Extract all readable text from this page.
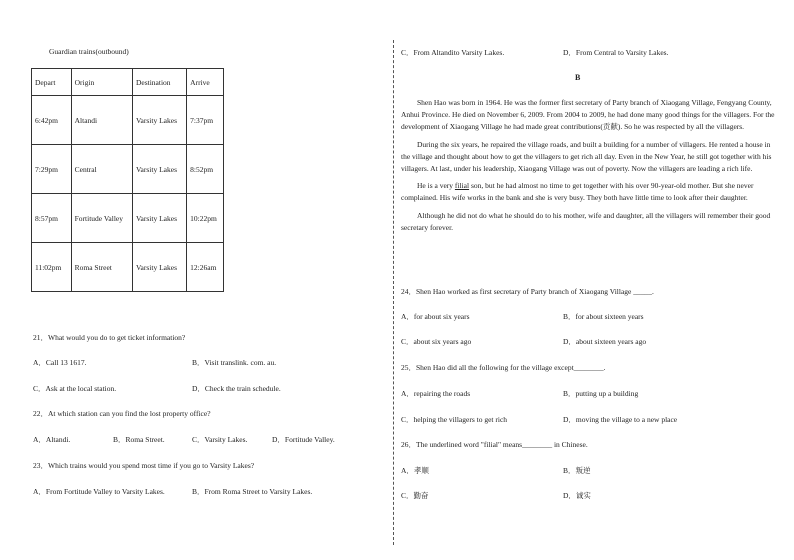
Guardian trains(outbound)
Depart	Origin	Destination	Arrive
6:42pm	Altandi	Varsity Lakes	7:37pm
7:29pm	Central	Varsity Lakes	8:52pm
8:57pm	Fortitude Valley	Varsity Lakes	10:22pm
11:02pm	Roma Street	Varsity Lakes	12:26am
21．What would you do to get ticket information?
A．Call 13 1617.	B．Visit translink. com. au.
C．Ask at the local station.	D．Check the train schedule.
22．At which station can you find the lost property office?
A．Altandi.	B．Roma Street.	C．Varsity Lakes.	D．Fortitude Valley.
23．Which trains would you spend most time if you go to Varsity Lakes?
A．From Fortitude Valley to Varsity Lakes.	B．From Roma Street to Varsity Lakes.
C．From Altandito Varsity Lakes.	D．From Central to Varsity Lakes.
B

Shen Hao was born in 1964. He was the former first secretary of Party branch of Xiaogang Village, Fengyang County, Anhui Province. He died on November 6, 2009. From 2004 to 2009, he had done many good things for the villagers. For the development of Xiaogang Village he had made great contributions(贡献). So he was respected by all the villagers.

During the six years, he repaired the village roads, and built a building for a number of villagers. He rented a house in the village and thought about how to get the villagers to get rich all day. Even in the New Year, he still got together with his villagers. At last, under his leadership, Xiaogang Village was out of poverty. Now the villagers are leading a rich life.

He is a very filial son, but he had almost no time to get together with his over 90-year-old mother. But she never complained. His wife works in the bank and she is very busy. They both have little time to look after their daughter.

Although he did not do what he should do to his mother, wife and daughter, all the villagers will remember their good secretary forever.

24．Shen Hao worked as first secretary of Party branch of Xiaogang Village _____.
A．for about six years	B．for about sixteen years
C．about six years ago	D．about sixteen years ago
25．Shen Hao did all the following for the village except________.
A．repairing the roads	B．putting up a building
C．helping the villagers to get rich	D．moving the village to a new place
26．The underlined word "filial" means________ in Chinese.
A．孝顺	B．叛逆
C．勤奋	D．诚实
